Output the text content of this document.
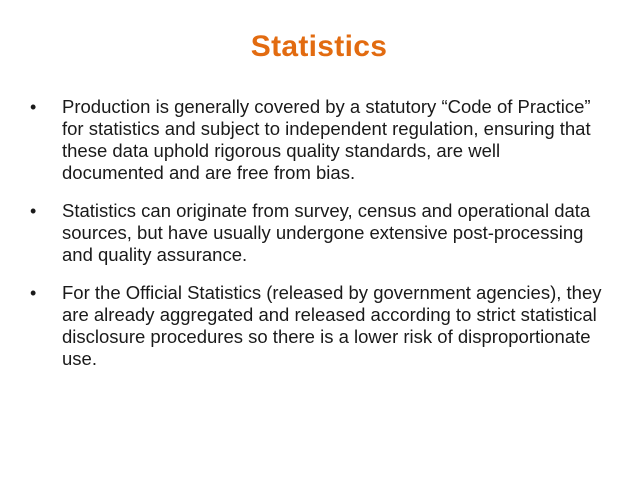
Statistics
• Production is generally covered by a statutory “Code of Practice” for statistics and subject to independent regulation, ensuring that these data uphold rigorous quality standards, are well documented and are free from bias.
• Statistics can originate from survey, census and operational data sources, but have usually undergone extensive post-processing and quality assurance.
• For the Official Statistics (released by government agencies), they are already aggregated and released according to strict statistical disclosure procedures so there is a lower risk of disproportionate use.
